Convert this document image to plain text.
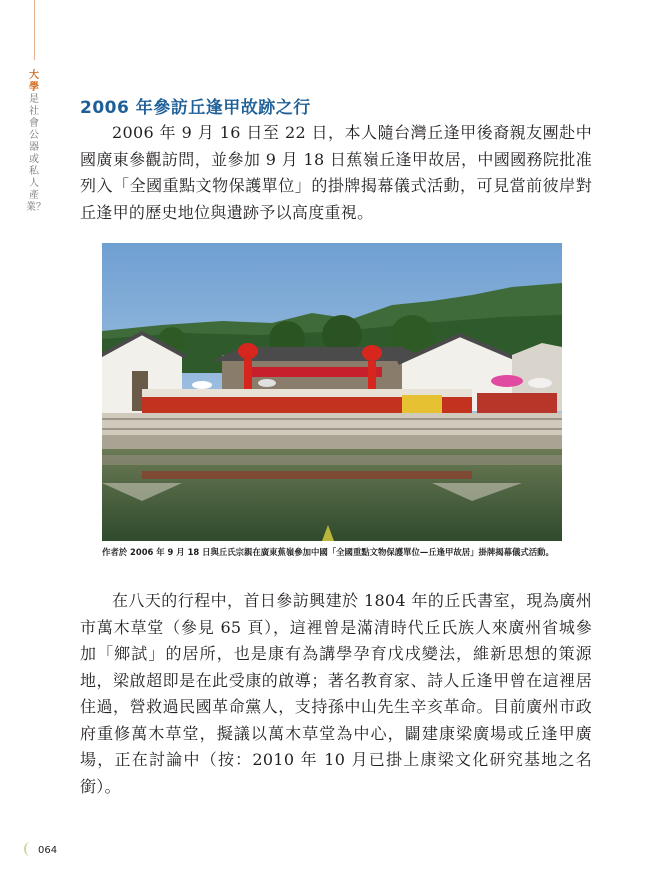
大學是社會公器或私人產業？
2006 年參訪丘逢甲故跡之行
2006 年 9 月 16 日至 22 日，本人隨台灣丘逢甲後裔親友團赴中國廣東參觀訪問，並參加 9 月 18 日蕉嶺丘逢甲故居，中國國務院批准列入「全國重點文物保護單位」的掛牌揭幕儀式活動，可見當前彼岸對丘逢甲的歷史地位與遺跡予以高度重視。
作者於 2006 年 9 月 18 日與丘氏宗親在廣東蕉嶺參加中國「全國重點文物保護單位—丘逢甲故居」掛牌揭幕儀式活動。
在八天的行程中，首日參訪興建於 1804 年的丘氏書室，現為廣州市萬木草堂（參見 65 頁），這裡曾是滿清時代丘氏族人來廣州省城參加「鄉試」的居所，也是康有為講學孕育戊戌變法，維新思想的策源地，梁啟超即是在此受康的啟導；著名教育家、詩人丘逢甲曾在這裡居住過，營救過民國革命黨人，支持孫中山先生辛亥革命。目前廣州市政府重修萬木草堂，擬議以萬木草堂為中心，闢建康梁廣場或丘逢甲廣場，正在討論中（按：2010 年 10 月已掛上康梁文化研究基地之名銜）。
064
